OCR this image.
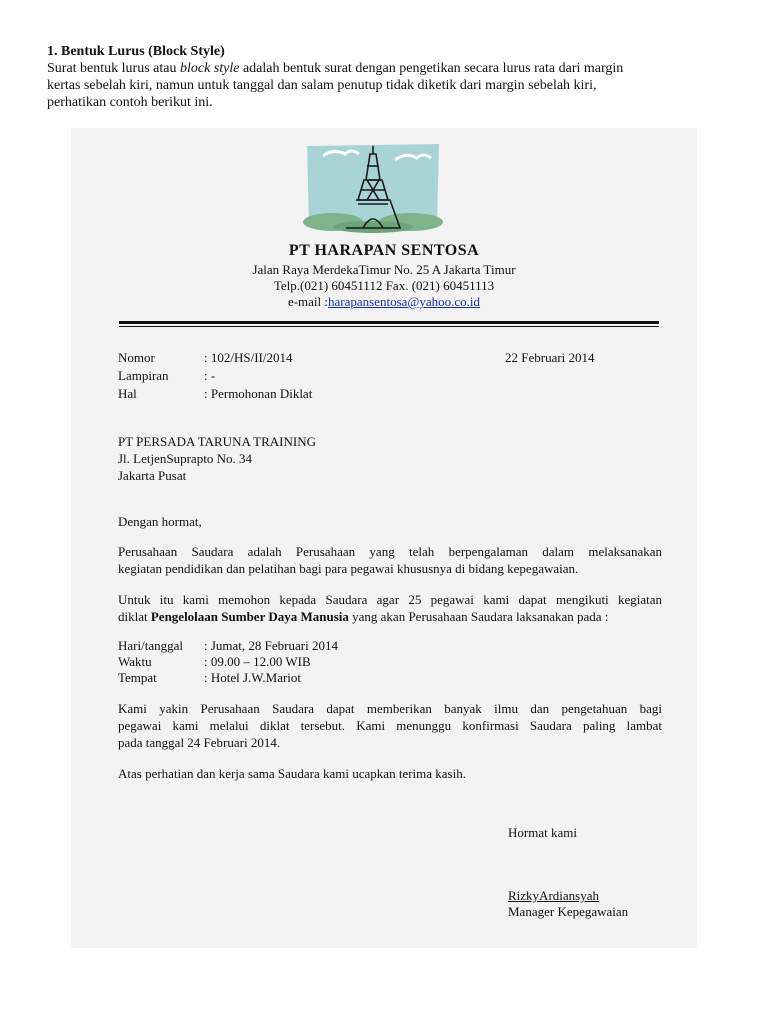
1. Bentuk Lurus (Block Style)
Surat bentuk lurus atau block style adalah bentuk surat dengan pengetikan secara lurus rata dari margin
kertas sebelah kiri, namun untuk tanggal dan salam penutup tidak diketik dari margin sebelah kiri,
perhatikan contoh berikut ini.
PT HARAPAN SENTOSA
Jalan Raya MerdekaTimur No. 25 A Jakarta Timur
Telp.(021) 60451112 Fax. (021) 60451113
e-mail :harapansentosa@yahoo.co.id
Nomor	: 102/HS/II/2014	22 Februari 2014
Lampiran	: -
Hal	: Permohonan Diklat
PT PERSADA TARUNA TRAINING
Jl. LetjenSuprapto No. 34
Jakarta Pusat
Dengan hormat,
Perusahaan Saudara adalah Perusahaan yang telah berpengalaman dalam melaksanakan
kegiatan pendidikan dan pelatihan bagi para pegawai khususnya di bidang kepegawaian.
Untuk itu kami memohon kepada Saudara agar 25 pegawai kami dapat mengikuti kegiatan
diklat Pengelolaan Sumber Daya Manusia yang akan Perusahaan Saudara laksanakan pada :
Hari/tanggal : Jumat, 28 Februari 2014
Waktu	: 09.00 – 12.00 WIB
Tempat	: Hotel J.W.Mariot
Kami yakin Perusahaan Saudara dapat memberikan banyak ilmu dan pengetahuan bagi
pegawai kami melalui diklat tersebut. Kami menunggu konfirmasi Saudara paling lambat
pada tanggal 24 Februari 2014.
Atas perhatian dan kerja sama Saudara kami ucapkan terima kasih.
Hormat kami
RizkyArdiansyah
Manager Kepegawaian
